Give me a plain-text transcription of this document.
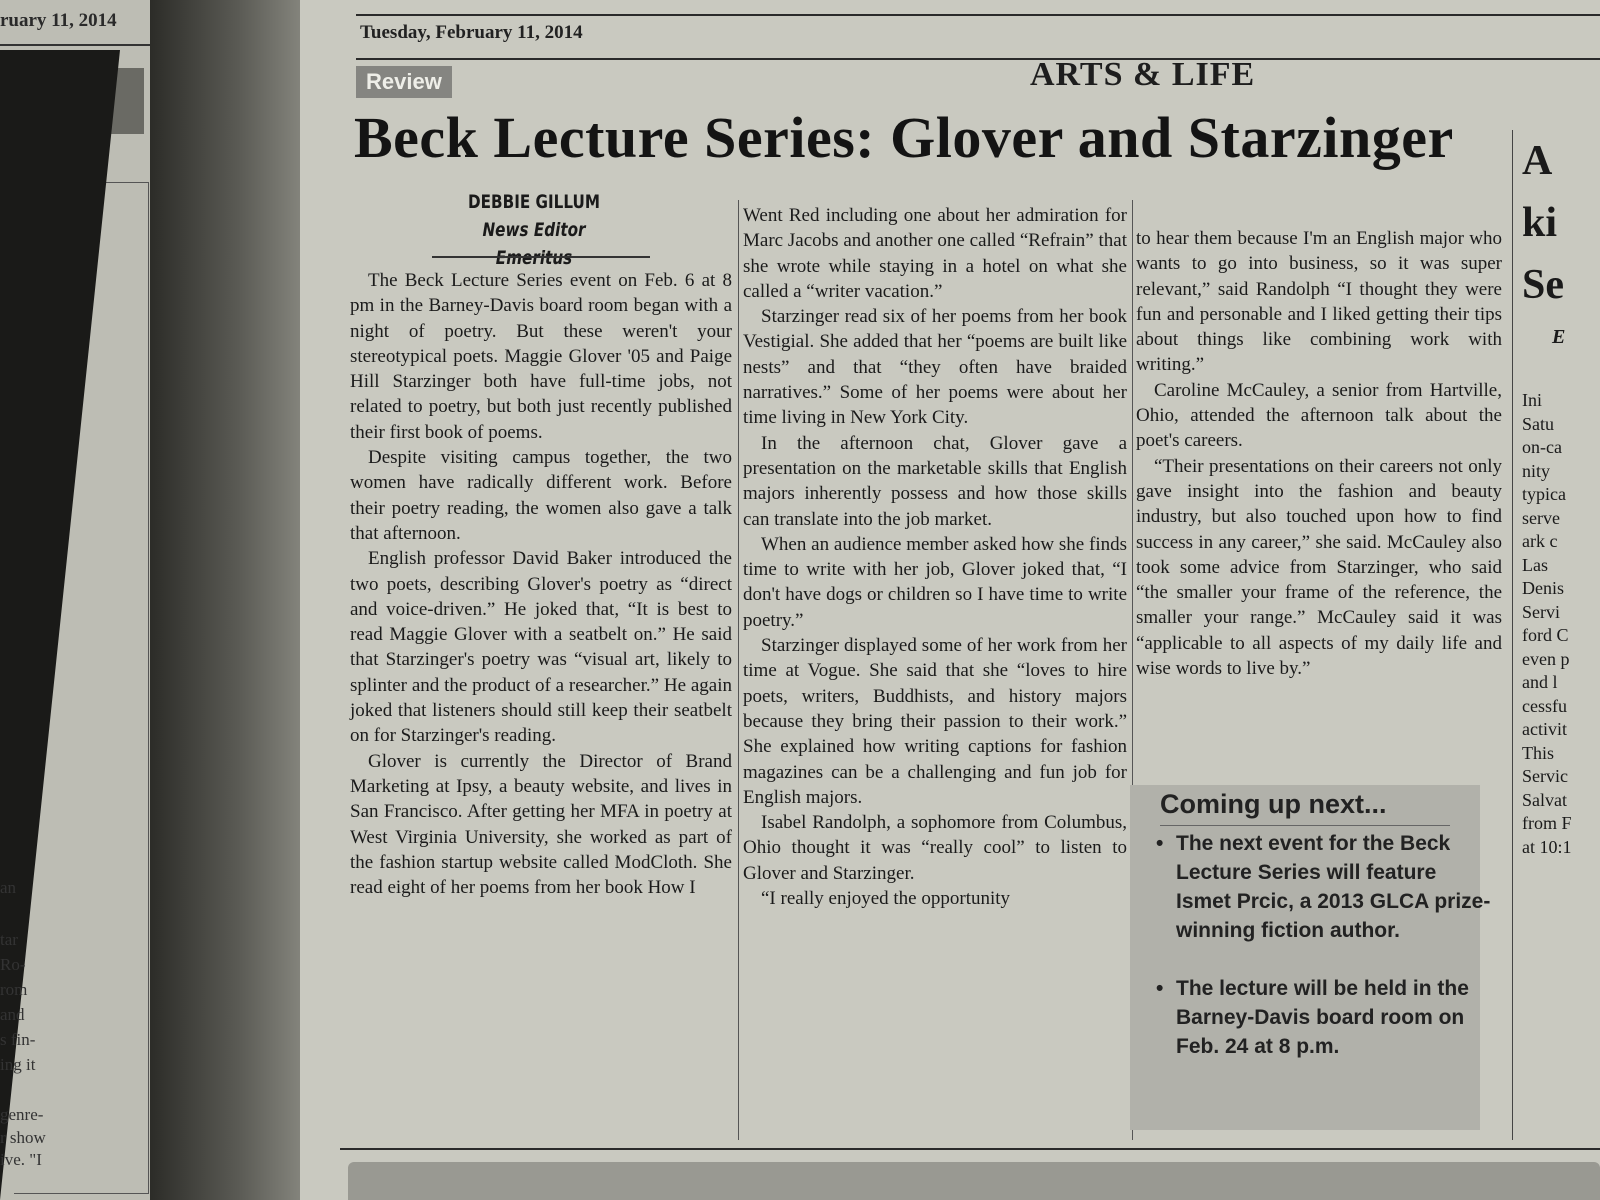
ruary 11, 2014
an
tar
Ro-
rom
and
s fin-
ing it
genre-
r show
ive. "I
Tuesday, February 11, 2014
ARTS & LIFE
Review
Beck Lecture Series: Glover and Starzinger
DEBBIE GILLUM
News Editor Emeritus

The Beck Lecture Series event on Feb. 6 at 8 pm in the Barney-Davis board room began with a night of poetry. But these weren't your stereotypical poets. Maggie Glover '05 and Paige Hill Starzinger both have full-time jobs, not related to poetry, but both just recently published their first book of poems.

Despite visiting campus together, the two women have radically different work. Before their poetry reading, the women also gave a talk that afternoon.

English professor David Baker introduced the two poets, describing Glover's poetry as “direct and voice-driven.” He joked that, “It is best to read Maggie Glover with a seatbelt on.” He said that Starzinger's poetry was “visual art, likely to splinter and the product of a researcher.” He again joked that listeners should still keep their seatbelt on for Starzinger's reading.

Glover is currently the Director of Brand Marketing at Ipsy, a beauty website, and lives in San Francisco. After getting her MFA in poetry at West Virginia University, she worked as part of the fashion startup website called ModCloth. She read eight of her poems from her book How I

Went Red including one about her admiration for Marc Jacobs and another one called “Refrain” that she wrote while staying in a hotel on what she called a “writer vacation.”

Starzinger read six of her poems from her book Vestigial. She added that her “poems are built like nests” and that “they often have braided narratives.” Some of her poems were about her time living in New York City.

In the afternoon chat, Glover gave a presentation on the marketable skills that English majors inherently possess and how those skills can translate into the job market.

When an audience member asked how she finds time to write with her job, Glover joked that, “I don't have dogs or children so I have time to write poetry.”

Starzinger displayed some of her work from her time at Vogue. She said that she “loves to hire poets, writers, Buddhists, and history majors because they bring their passion to their work.” She explained how writing captions for fashion magazines can be a challenging and fun job for English majors.

Isabel Randolph, a sophomore from Columbus, Ohio thought it was “really cool” to listen to Glover and Starzinger.

“I really enjoyed the opportunity

to hear them because I'm an English major who wants to go into business, so it was super relevant,” said Randolph “I thought they were fun and personable and I liked getting their tips about things like combining work with writing.”

Caroline McCauley, a senior from Hartville, Ohio, attended the afternoon talk about the poet's careers.

“Their presentations on their careers not only gave insight into the fashion and beauty industry, but also touched upon how to find success in any career,” she said. McCauley also took some advice from Starzinger, who said “the smaller your frame of the reference, the smaller your range.” McCauley said it was “applicable to all aspects of my daily life and wise words to live by.”

Coming up next...
• The next event for the Beck Lecture Series will feature Ismet Prcic, a 2013 GLCA prize-winning fiction author.
• The lecture will be held in the Barney-Davis board room on Feb. 24 at 8 p.m.
A
ki
Se
E
Ini
Satu
on-ca
nity
typica
serve
ark c
Las
Denis
Servi
ford C
even p
and l
cessfu
activit
This
Servic
Salvat
from F
at 10:1
